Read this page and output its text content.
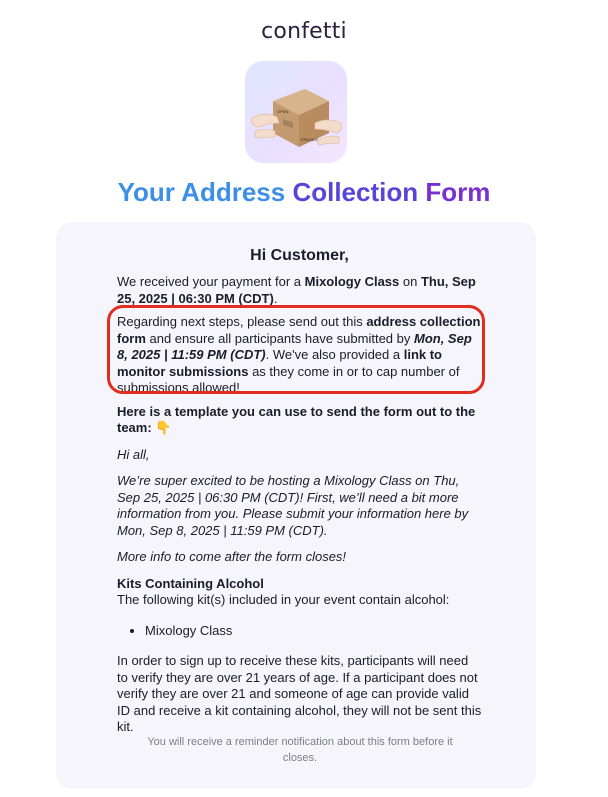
confetti
OPEN
FRAGILE
Your Address Collection Form
Hi Customer,
We received your payment for a Mixology Class on Thu, Sep 25, 2025 | 06:30 PM (CDT).
Regarding next steps, please send out this address collection form and ensure all participants have submitted by Mon, Sep 8, 2025 | 11:59 PM (CDT). We've also provided a link to monitor submissions as they come in or to cap number of submissions allowed!
Here is a template you can use to send the form out to the team: 👇
Hi all,
We’re super excited to be hosting a Mixology Class on Thu, Sep 25, 2025 | 06:30 PM (CDT)! First, we’ll need a bit more information from you. Please submit your information here by Mon, Sep 8, 2025 | 11:59 PM (CDT).
More info to come after the form closes!
Kits Containing Alcohol
The following kit(s) included in your event contain alcohol:
• Mixology Class
In order to sign up to receive these kits, participants will need to verify they are over 21 years of age. If a participant does not verify they are over 21 and someone of age can provide valid ID and receive a kit containing alcohol, they will not be sent this kit.
You will receive a reminder notification about this form before it closes.
